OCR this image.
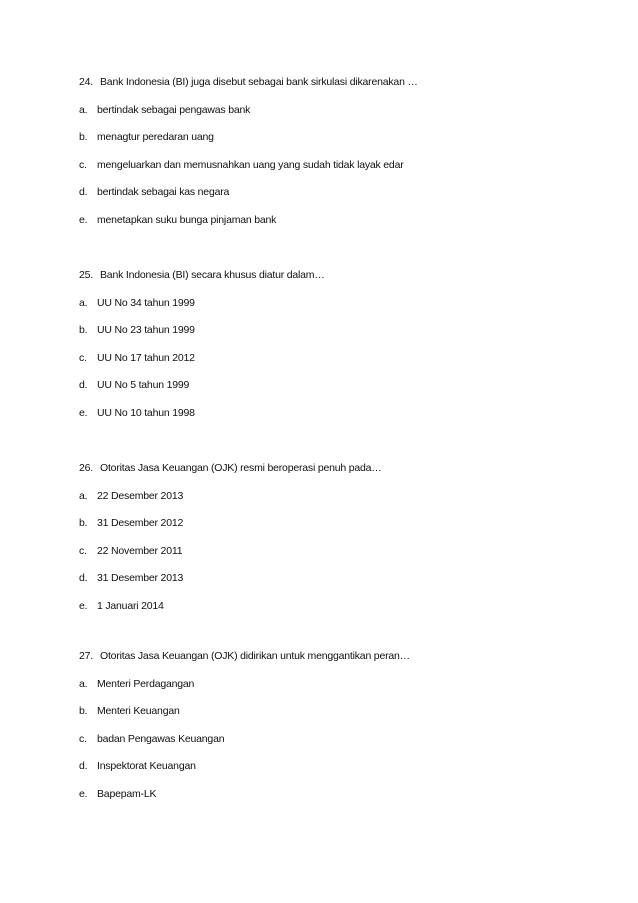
24. Bank Indonesia (BI) juga disebut sebagai bank sirkulasi dikarenakan …
a. bertindak sebagai pengawas bank
b. menagtur peredaran uang
c. mengeluarkan dan memusnahkan uang yang sudah tidak layak edar
d. bertindak sebagai kas negara
e. menetapkan suku bunga pinjaman bank
25. Bank Indonesia (BI) secara khusus diatur dalam…
a. UU No 34 tahun 1999
b. UU No 23 tahun 1999
c. UU No 17 tahun 2012
d. UU No 5 tahun 1999
e. UU No 10 tahun 1998
26. Otoritas Jasa Keuangan (OJK) resmi beroperasi penuh pada…
a. 22 Desember 2013
b. 31 Desember 2012
c. 22 November 2011
d. 31 Desember 2013
e. 1 Januari 2014
27. Otoritas Jasa Keuangan (OJK) didirikan untuk menggantikan peran…
a. Menteri Perdagangan
b. Menteri Keuangan
c. badan Pengawas Keuangan
d. Inspektorat Keuangan
e. Bapepam-LK
